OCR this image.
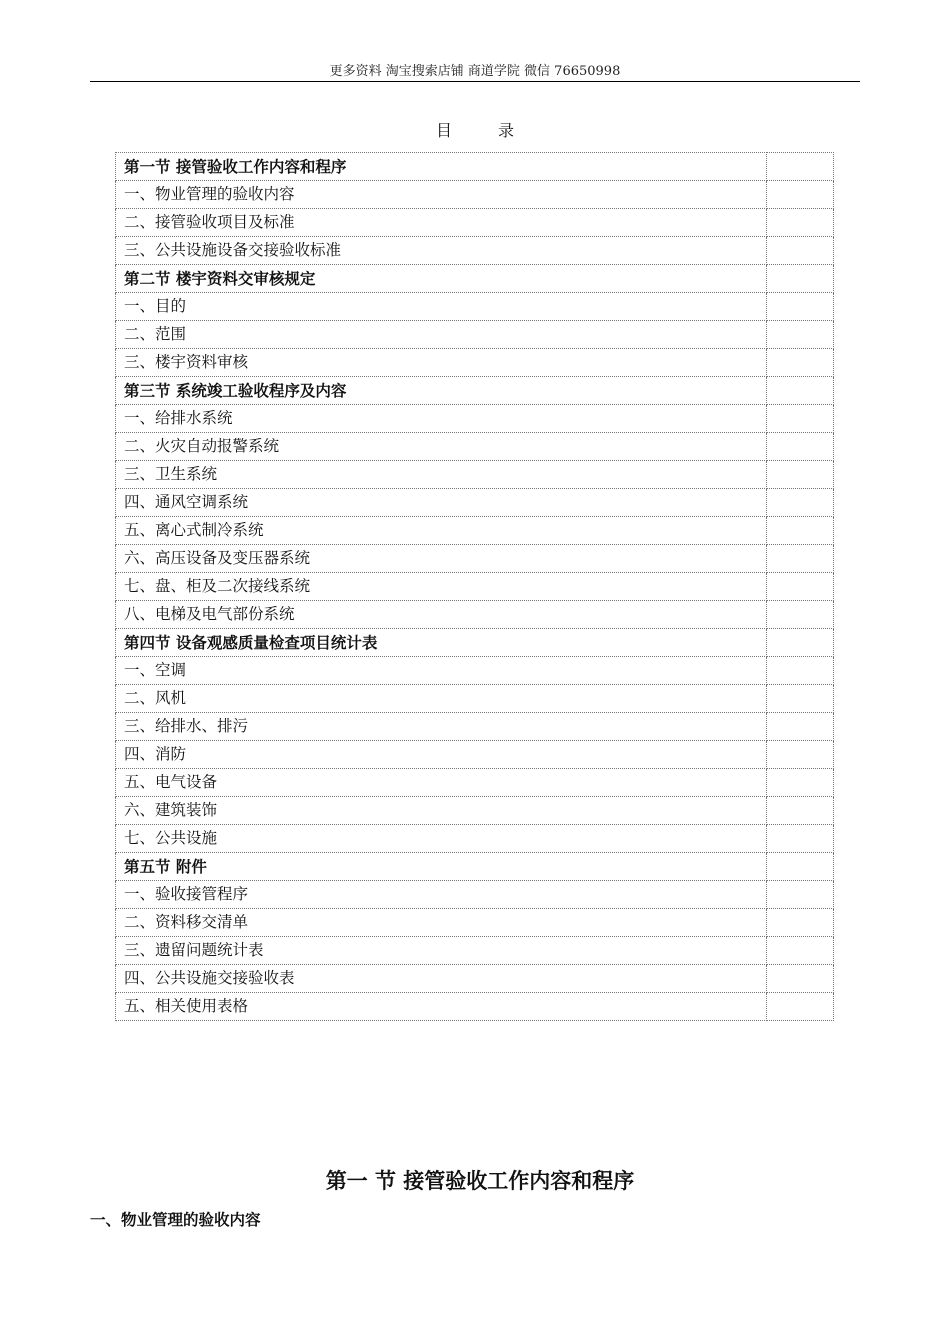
更多资料 淘宝搜索店铺 商道学院 微信 76650998
目录
第一节 接管验收工作内容和程序	
一、物业管理的验收内容	
二、接管验收项目及标准	
三、公共设施设备交接验收标准	
第二节 楼宇资料交审核规定	
一、目的	
二、范围	
三、楼宇资料审核	
第三节 系统竣工验收程序及内容	
一、给排水系统	
二、火灾自动报警系统	
三、卫生系统	
四、通风空调系统	
五、离心式制冷系统	
六、高压设备及变压器系统	
七、盘、柜及二次接线系统	
八、电梯及电气部份系统	
第四节 设备观感质量检查项目统计表	
一、空调	
二、风机	
三、给排水、排污	
四、消防	
五、电气设备	
六、建筑装饰	
七、公共设施	
第五节 附件	
一、验收接管程序	
二、资料移交清单	
三、遗留问题统计表	
四、公共设施交接验收表	
五、相关使用表格	
第一 节 接管验收工作内容和程序
一、物业管理的验收内容
